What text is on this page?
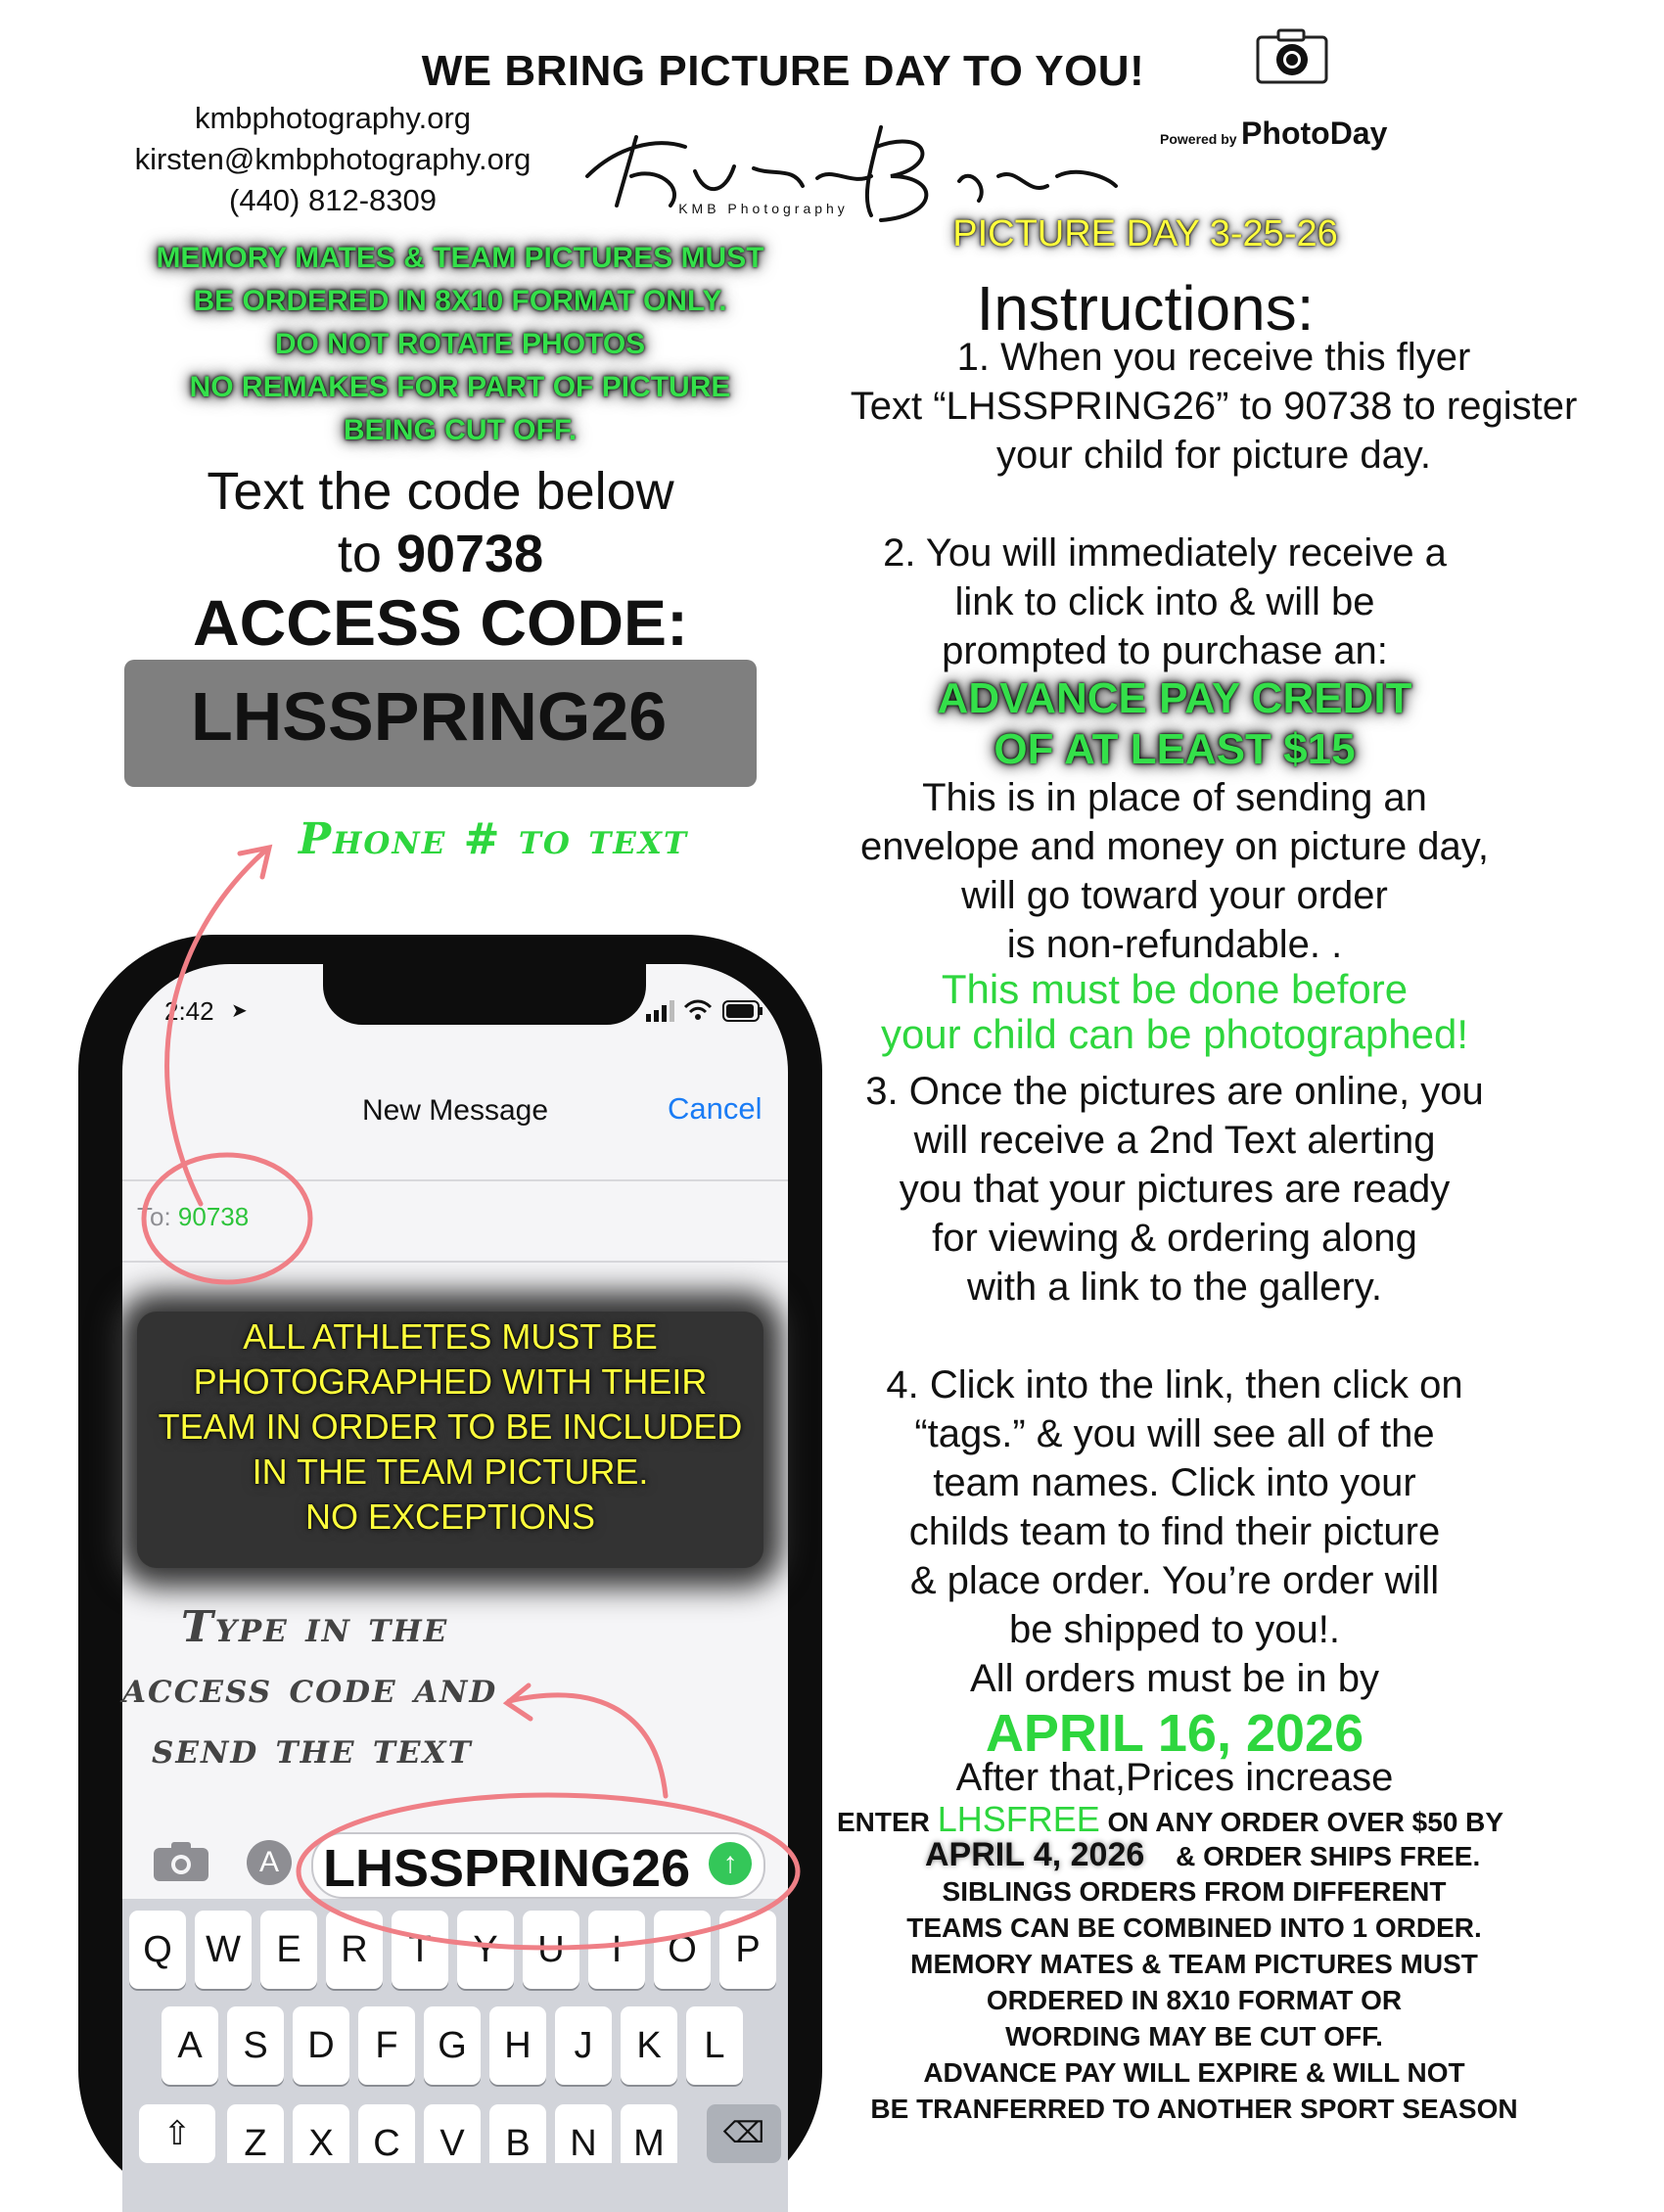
WE BRING PICTURE DAY TO YOU!
kmbphotography.org
kirsten@kmbphotography.org
(440) 812-8309	KMB Photography
Powered by PhotoDay
PICTURE DAY 3-25-26
MEMORY MATES & TEAM PICTURES MUST
BE ORDERED IN 8X10 FORMAT ONLY.
DO NOT ROTATE PHOTOS
NO REMAKES FOR PART OF PICTURE
BEING CUT OFF.
Text the code below
to 90738
ACCESS CODE:
LHSSPRING26
Phone # to text
2:42 ➤
New Message	Cancel
To: 90738
ALL ATHLETES MUST BE
PHOTOGRAPHED WITH THEIR
TEAM IN ORDER TO BE INCLUDED
IN THE TEAM PICTURE.
NO EXCEPTIONS
Type in the
access code and
send the text
A LHSSPRING26	↑
Q W E	R	T	Y	U	I	O	P
A	S	D	F	G	H	J	K	L
⇧	Z	X	C	V	B	N M	⌫
Instructions:
1. When you receive this flyer
Text “LHSSPRING26” to 90738 to register
your child for picture day.
2. You will immediately receive a
link to click into & will be
prompted to purchase an:
ADVANCE PAY CREDIT
OF AT LEAST $15
This is in place of sending an
envelope and money on picture day,
will go toward your order
is non-refundable. .
This must be done before
your child can be photographed!
3. Once the pictures are online, you
will receive a 2nd Text alerting
you that your pictures are ready
for viewing & ordering along
with a link to the gallery.
4. Click into the link, then click on
“tags.” & you will see all of the
team names. Click into your
childs team to find their picture
& place order. You’re order will
be shipped to you!.
All orders must be in by
APRIL 16, 2026
After that,Prices increase
ENTER LHSFREE ON ANY ORDER OVER $50 BY
APRIL 4, 2026 & ORDER SHIPS FREE.
SIBLINGS ORDERS FROM DIFFERENT
TEAMS CAN BE COMBINED INTO 1 ORDER.
MEMORY MATES & TEAM PICTURES MUST
ORDERED IN 8X10 FORMAT OR
WORDING MAY BE CUT OFF.
ADVANCE PAY WILL EXPIRE & WILL NOT
BE TRANFERRED TO ANOTHER SPORT SEASON
